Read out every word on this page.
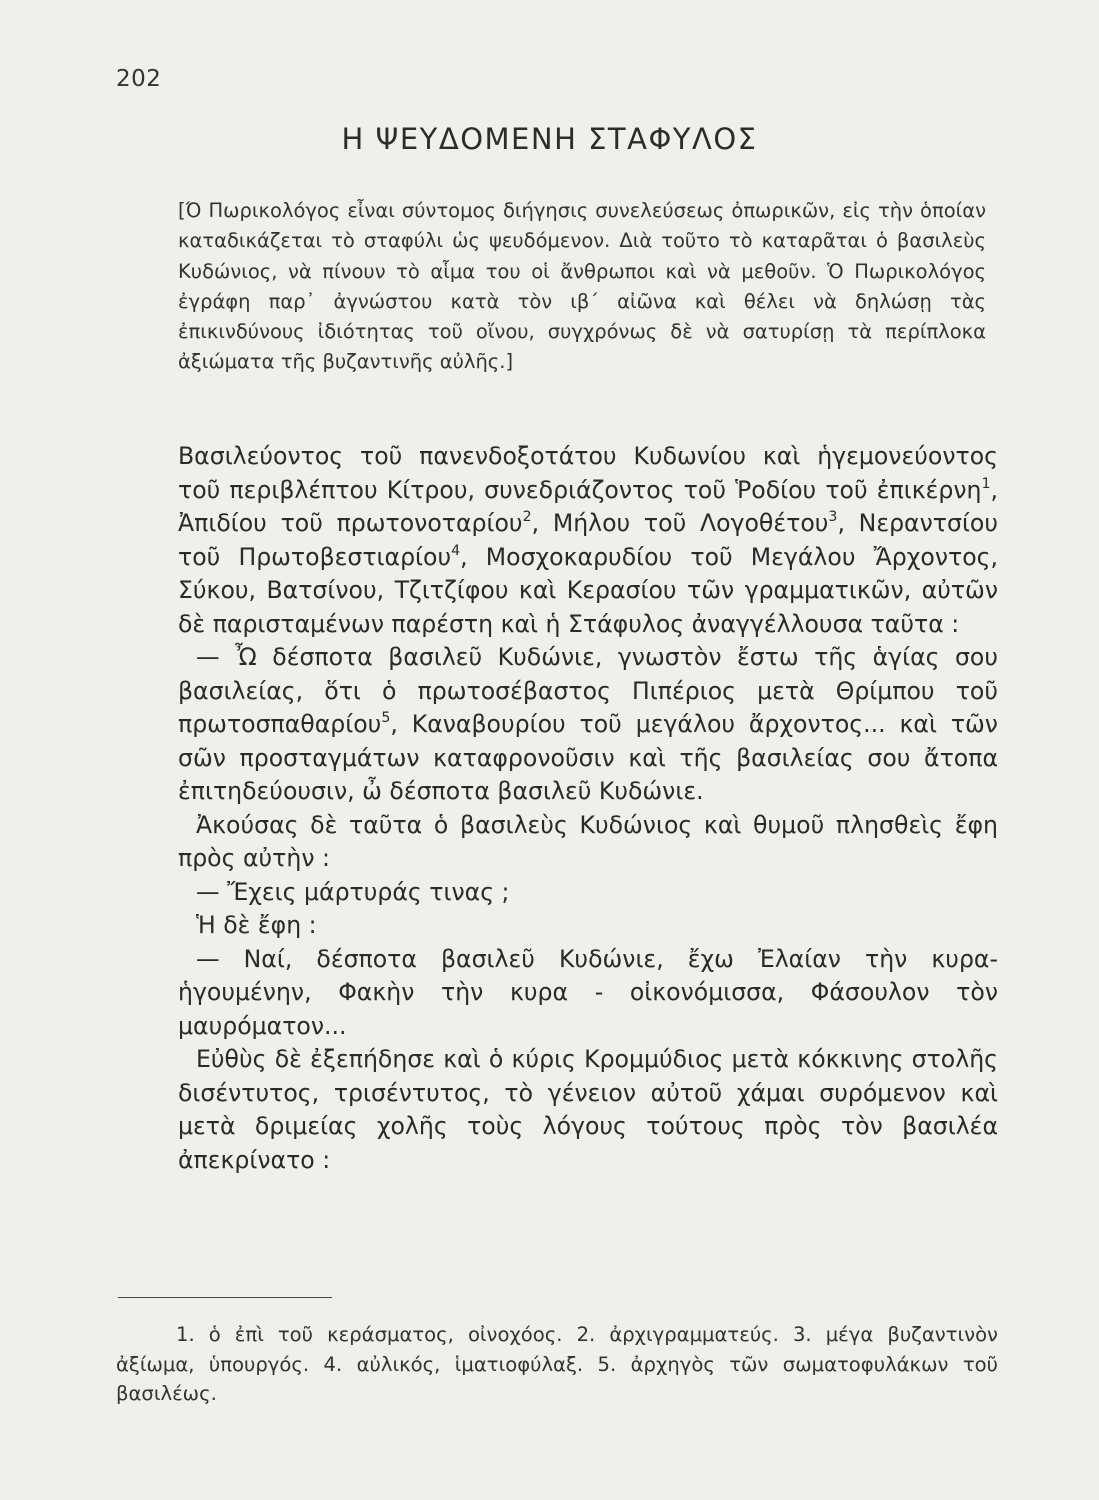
202
Η ΨΕΥΔΟΜΕΝΗ ΣΤΑΦΥΛΟΣ
[Ό Πωρικολόγος εἶναι σύντομος διήγησις συνελεύσεως ὀπωρικῶν, εἰς τὴν ὁποίαν καταδικάζεται τὸ σταφύλι ὡς ψευδόμενον. Διὰ τοῦτο τὸ καταρᾶται ὁ βασιλεὺς Κυδώνιος, νὰ πίνουν τὸ αἷμα του οἱ ἄνθρωποι καὶ νὰ μεθοῦν. Ὁ Πωρικολόγος ἐγράφη παρ᾿ ἀγνώστου κατὰ τὸν ιβ΄ αἰῶνα καὶ θέλει νὰ δηλώσῃ τὰς ἐπικινδύνους ἰδιότητας τοῦ οἴνου, συγχρόνως δὲ νὰ σατυρίσῃ τὰ περίπλοκα ἀξιώματα τῆς βυζαντινῆς αὐλῆς.]

Βασιλεύοντος τοῦ πανενδοξοτάτου Κυδωνίου καὶ ἡγεμονεύοντος τοῦ περιβλέπτου Κίτρου, συνεδριάζοντος τοῦ Ῥοδίου τοῦ ἐπικέρνη$^1$, Ἀπιδίου τοῦ πρωτονοταρίου$^2$, Μήλου τοῦ Λογοθέτου$^3$, Νεραντσίου τοῦ Πρωτοβεστιαρίου$^4$, Μοσχοκαρυδίου τοῦ Μεγάλου Ἄρχοντος, Σύκου, Βατσίνου, Τζιτζίφου καὶ Κερασίου τῶν γραμματικῶν, αὐτῶν δὲ παρισταμένων παρέστη καὶ ἡ Στάφυλος ἀναγγέλλουσα ταῦτα :

— Ὦ δέσποτα βασιλεῦ Κυδώνιε, γνωστὸν ἔστω τῆς ἁγίας σου βασιλείας, ὅτι ὁ πρωτοσέβαστος Πιπέριος μετὰ Θρίμπου τοῦ πρωτοσπαθαρίου$^5$, Καναβουρίου τοῦ μεγάλου ἄρχοντος... καὶ τῶν σῶν προσταγμάτων καταφρονοῦσιν καὶ τῆς βασιλείας σου ἄτοπα ἐπιτηδεύουσιν, ὦ δέσποτα βασιλεῦ Κυδώνιε.

Ἀκούσας δὲ ταῦτα ὁ βασιλεὺς Κυδώνιος καὶ θυμοῦ πλησθεὶς ἔφη πρὸς αὐτὴν :

— Ἔχεις μάρτυράς τινας ;

Ἡ δὲ ἔφη :

— Ναί, δέσποτα βασιλεῦ Κυδώνιε, ἔχω Ἐλαίαν τὴν κυρα-ἡγουμένην, Φακὴν τὴν κυρα - οἰκονόμισσα, Φάσουλον τὸν μαυρόματον...

Εὐθὺς δὲ ἐξεπήδησε καὶ ὁ κύρις Κρομμύδιος μετὰ κόκκινης στολῆς δισέντυτος, τρισέντυτος, τὸ γένειον αὐτοῦ χάμαι συρόμενον καὶ μετὰ δριμείας χολῆς τοὺς λόγους τούτους πρὸς τὸν βασιλέα ἀπεκρίνατο :

1. ὁ ἐπὶ τοῦ κεράσματος, οἰνοχόος. 2. ἀρχιγραμματεύς. 3. μέγα βυζαντινὸν ἀξίωμα, ὑπουργός. 4. αὐλικός, ἱματιοφύλαξ. 5. ἀρχηγὸς τῶν σωματοφυλάκων τοῦ βασιλέως.
